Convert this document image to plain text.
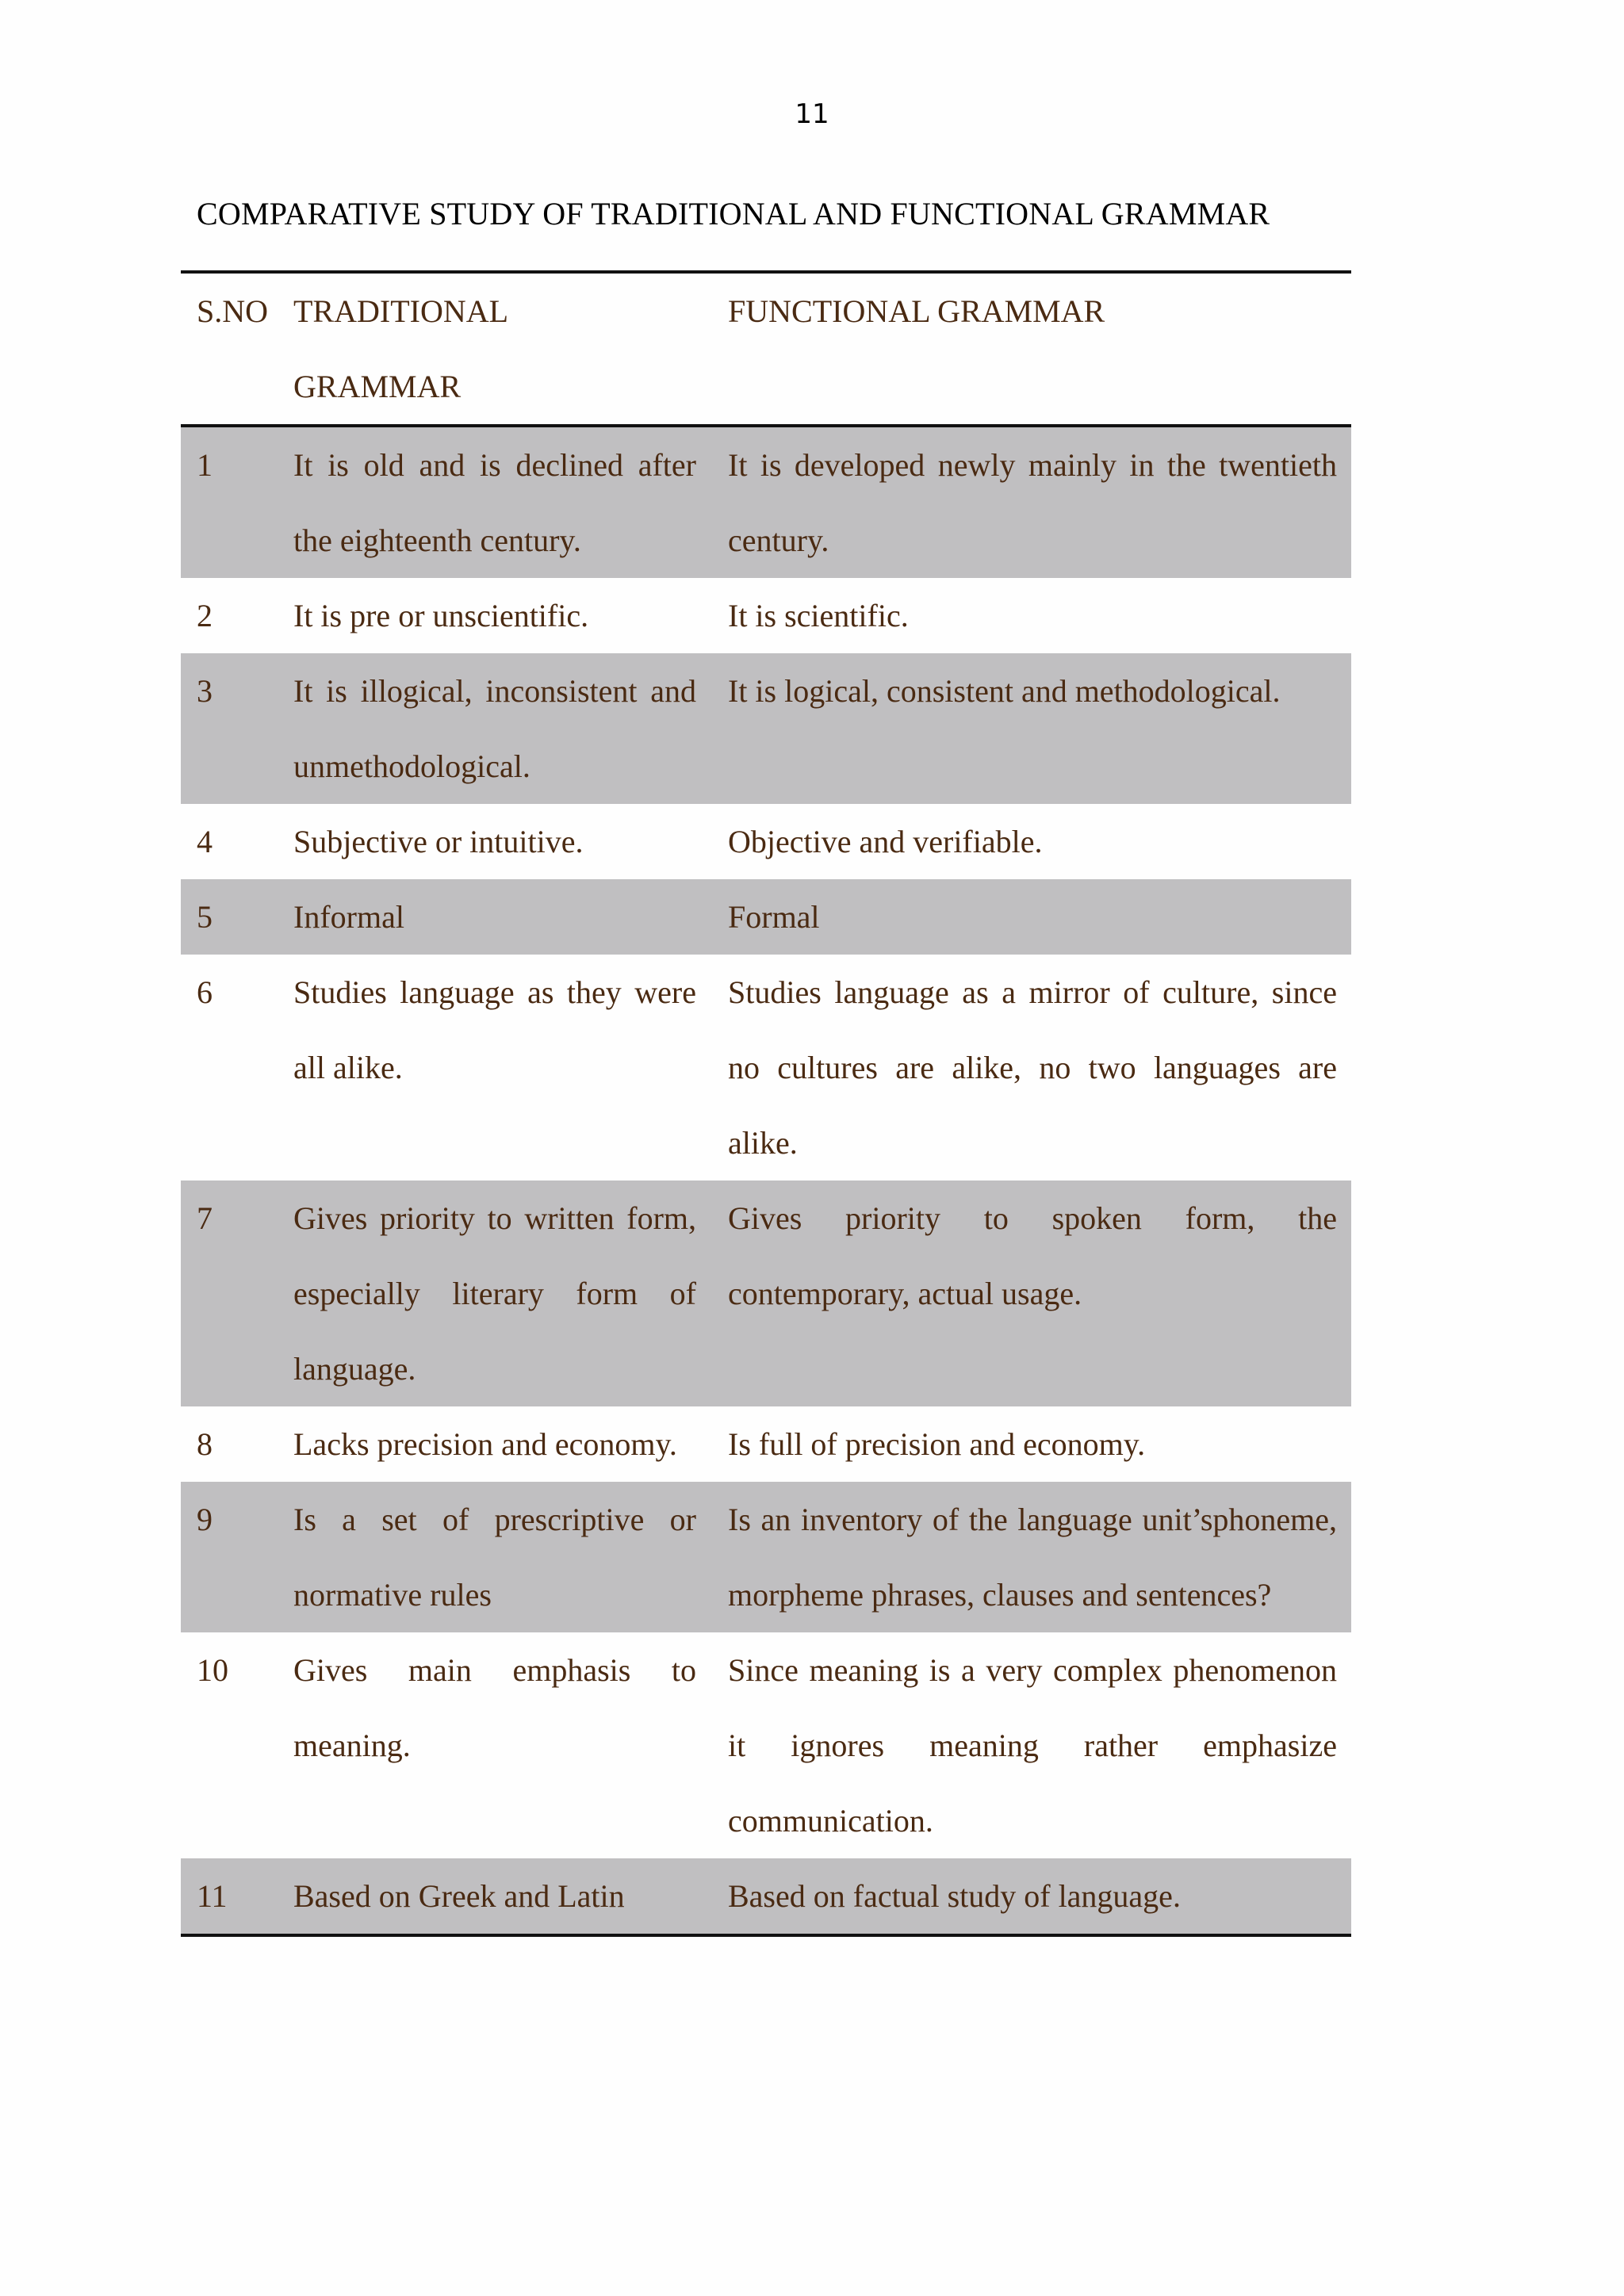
11
COMPARATIVE STUDY OF TRADITIONAL AND FUNCTIONAL GRAMMAR
S.NO	TRADITIONAL GRAMMAR	FUNCTIONAL GRAMMAR
1	It is old and is declined after the eighteenth century.	It is developed newly mainly in the twentieth century.
2	It is pre or unscientific.	It is scientific.
3	It is illogical, inconsistent and unmethodological.	It is logical, consistent and methodological.
4	Subjective or intuitive.	Objective and verifiable.
5	Informal	Formal
6	Studies language as they were all alike.	Studies language as a mirror of culture, since no cultures are alike, no two languages are alike.
7	Gives priority to written form, especially literary form of language.	Gives priority to spoken form, the contemporary, actual usage.
8	Lacks precision and economy.	Is full of precision and economy.
9	Is a set of prescriptive or normative rules	Is an inventory of the language unit’sphoneme, morpheme phrases, clauses and sentences?
10	Gives main emphasis to meaning.	Since meaning is a very complex phenomenon it ignores meaning rather emphasize communication.
11	Based on Greek and Latin	Based on factual study of language.
